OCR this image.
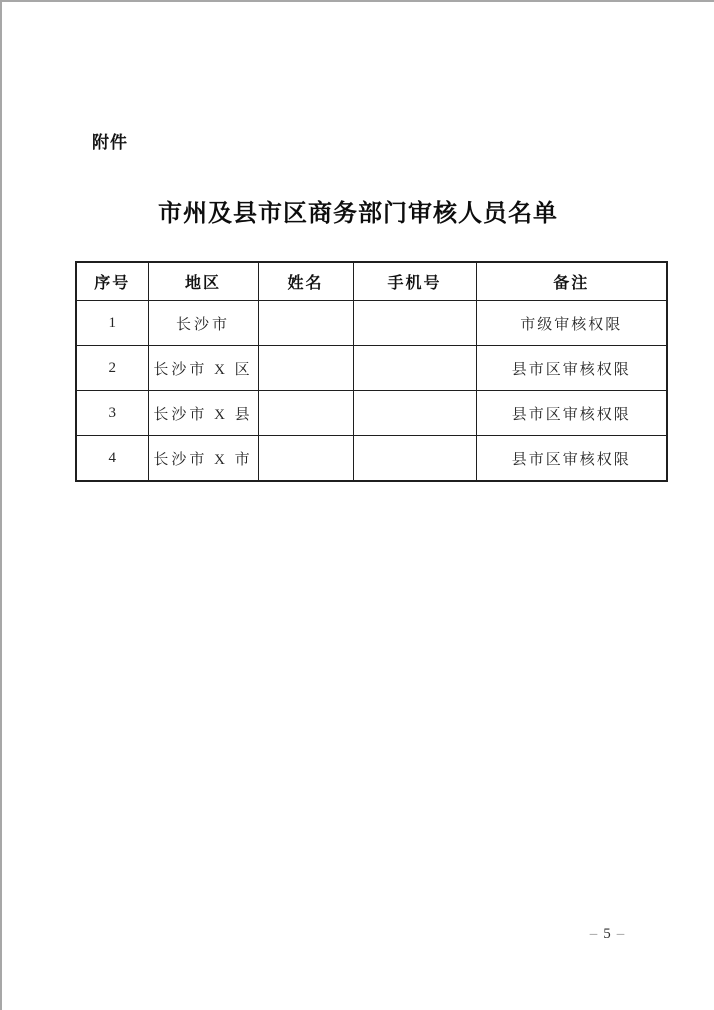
附件
市州及县市区商务部门审核人员名单
序号	地区	姓名	手机号	备注
1	长沙市			市级审核权限
2	长沙市 X 区			县市区审核权限
3	长沙市 X 县			县市区审核权限
4	长沙市 X 市			县市区审核权限
– 5 –
